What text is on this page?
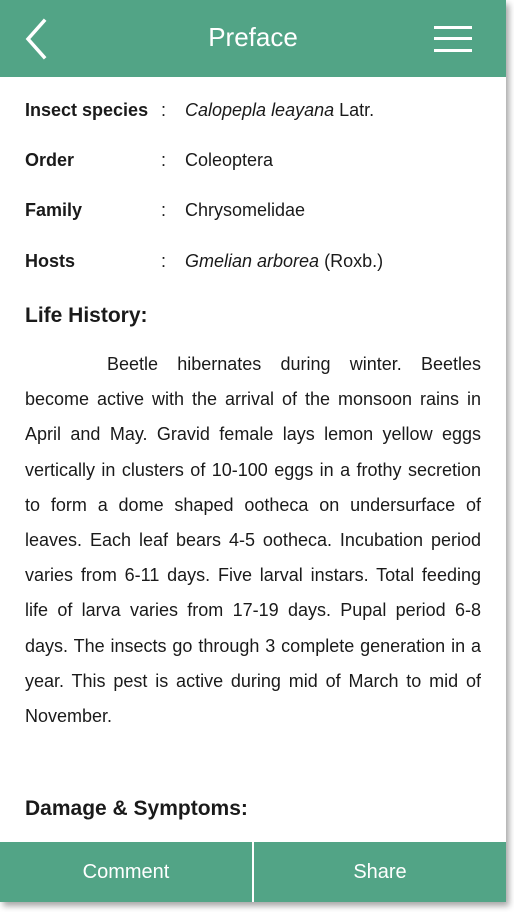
Preface
Insect species : Calopepla leayana Latr.
Order	: Coleoptera
Family	: Chrysomelidae
Hosts	: Gmelian arborea (Roxb.)
Life History:

Beetle hibernates during winter. Beetles become active with the arrival of the monsoon rains in April and May. Gravid female lays lemon yellow eggs vertically in clusters of 10-100 eggs in a frothy secretion to form a dome shaped ootheca on undersurface of leaves. Each leaf bears 4-5 ootheca. Incubation period varies from 6-11 days. Five larval instars. Total feeding life of larva varies from 17-19 days. Pupal period 6-8 days. The insects go through 3 complete generation in a year. This pest is active during mid of March to mid of November.

Damage & Symptoms:
Comment	Share
